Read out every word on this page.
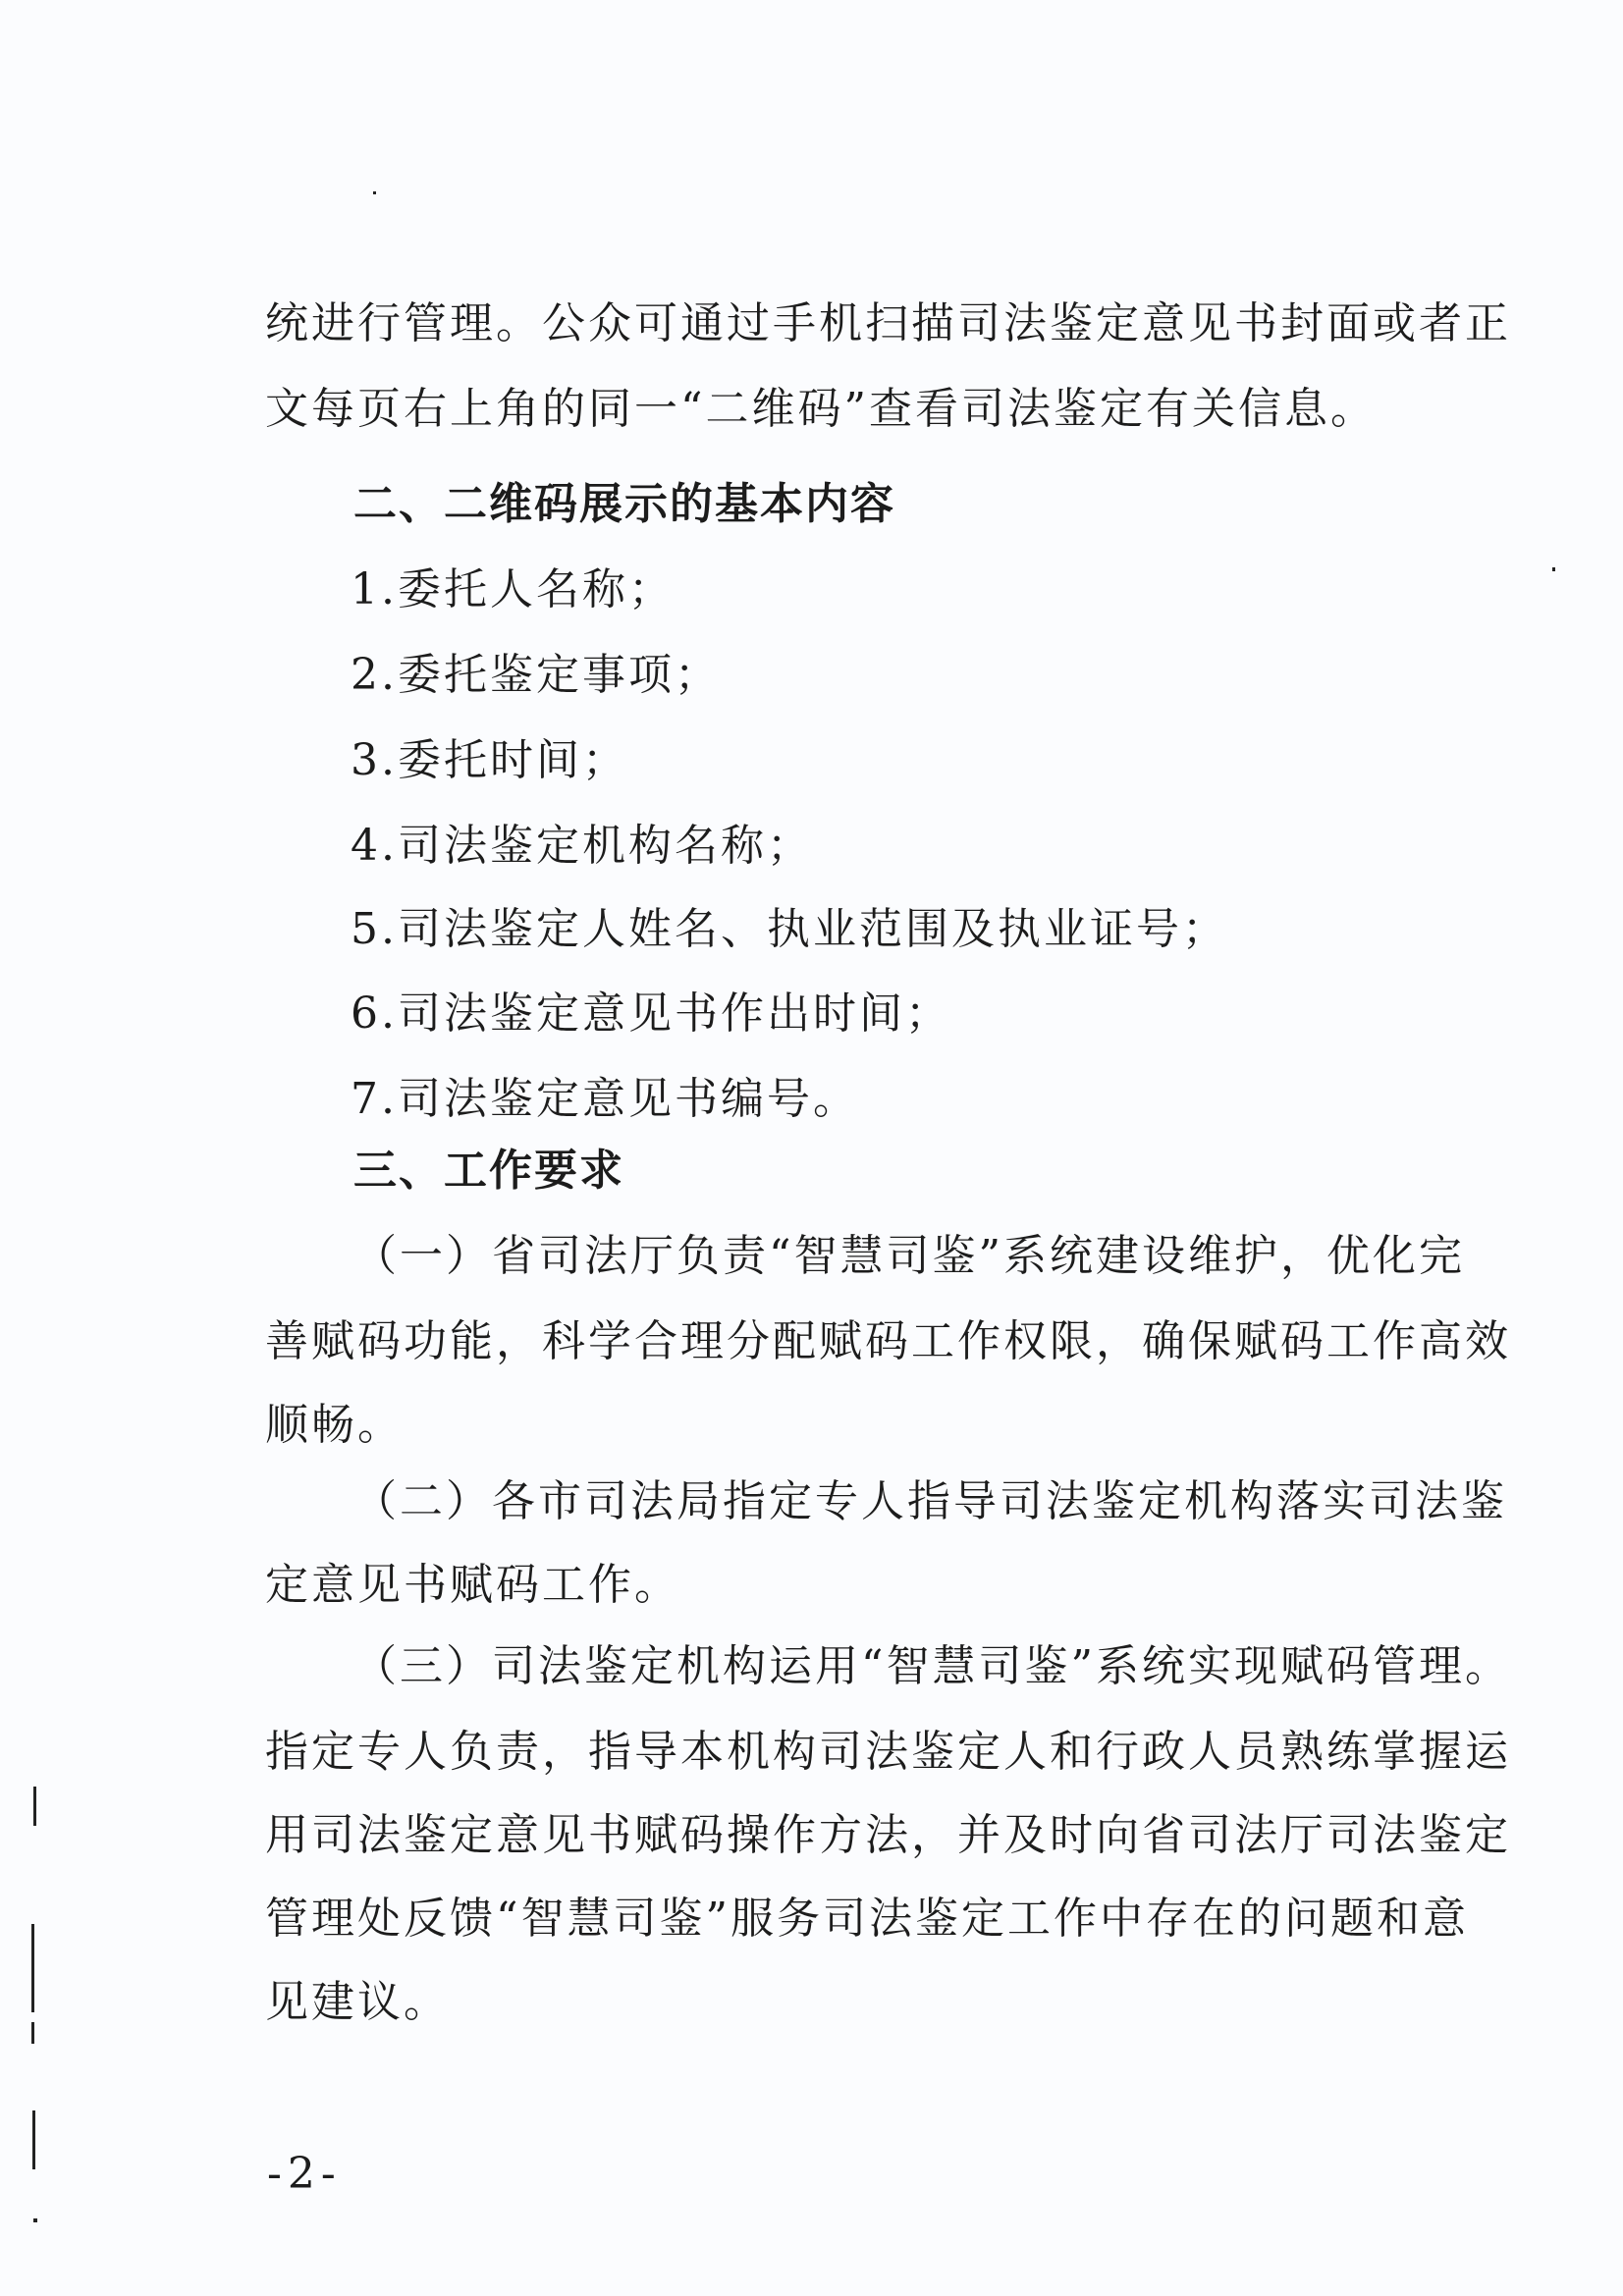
统进行管理。公众可通过手机扫描司法鉴定意见书封面或者正
文每页右上角的同一“二维码”查看司法鉴定有关信息。
二、二维码展示的基本内容
1.委托人名称；
2.委托鉴定事项；
3.委托时间；
4.司法鉴定机构名称；
5.司法鉴定人姓名、执业范围及执业证号；
6.司法鉴定意见书作出时间；
7.司法鉴定意见书编号。
三、工作要求
（一）省司法厅负责“智慧司鉴”系统建设维护，优化完
善赋码功能，科学合理分配赋码工作权限，确保赋码工作高效
顺畅。
（二）各市司法局指定专人指导司法鉴定机构落实司法鉴
定意见书赋码工作。
（三）司法鉴定机构运用“智慧司鉴”系统实现赋码管理。
指定专人负责，指导本机构司法鉴定人和行政人员熟练掌握运
用司法鉴定意见书赋码操作方法，并及时向省司法厅司法鉴定
管理处反馈“智慧司鉴”服务司法鉴定工作中存在的问题和意
见建议。
-2-
